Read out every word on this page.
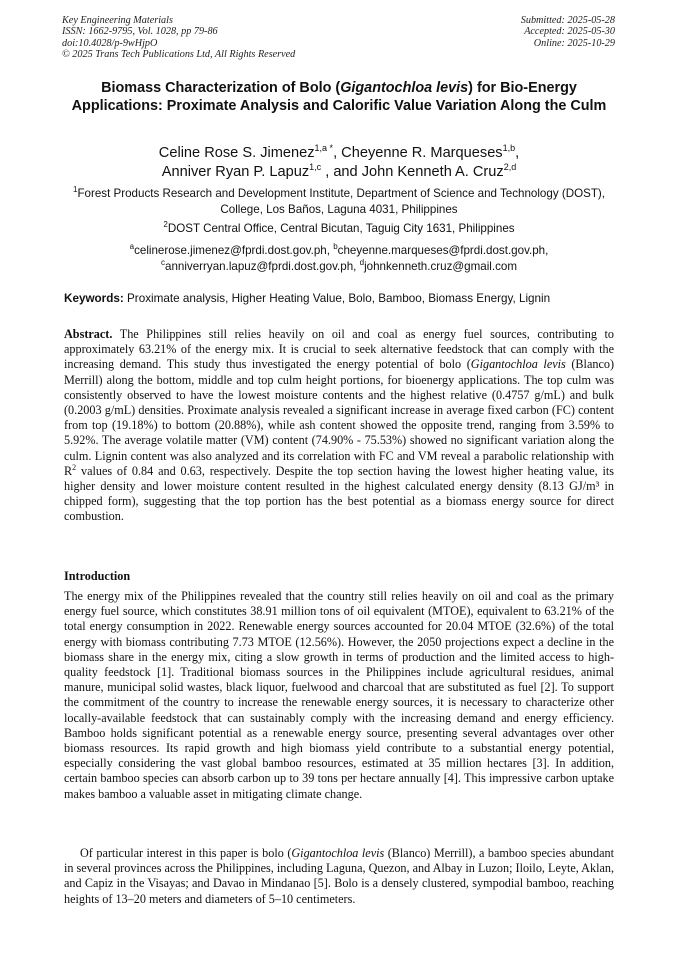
Key Engineering Materials
ISSN: 1662-9795, Vol. 1028, pp 79-86
doi:10.4028/p-9wHjpO
© 2025 Trans Tech Publications Ltd, All Rights Reserved
Submitted: 2025-05-28
Accepted: 2025-05-30
Online: 2025-10-29
Biomass Characterization of Bolo (Gigantochloa levis) for Bio-Energy Applications: Proximate Analysis and Calorific Value Variation Along the Culm
Celine Rose S. Jimenez$^{1,a *}$, Cheyenne R. Marqueses$^{1,b}$,
Anniver Ryan P. Lapuz$^{1,c}$ , and John Kenneth A. Cruz$^{2,d}$
$^1$Forest Products Research and Development Institute, Department of Science and Technology (DOST), College, Los Baños, Laguna 4031, Philippines
$^2$DOST Central Office, Central Bicutan, Taguig City 1631, Philippines
$^a$celinerose.jimenez@fprdi.dost.gov.ph, $^b$cheyenne.marqueses@fprdi.dost.gov.ph,
$^c$anniverryan.lapuz@fprdi.dost.gov.ph, $^d$johnkenneth.cruz@gmail.com
Keywords: Proximate analysis, Higher Heating Value, Bolo, Bamboo, Biomass Energy, Lignin
Abstract. The Philippines still relies heavily on oil and coal as energy fuel sources, contributing to approximately 63.21% of the energy mix. It is crucial to seek alternative feedstock that can comply with the increasing demand. This study thus investigated the energy potential of bolo (Gigantochloa levis (Blanco) Merrill) along the bottom, middle and top culm height portions, for bioenergy applications. The top culm was consistently observed to have the lowest moisture contents and the highest relative (0.4757 g/mL) and bulk (0.2003 g/mL) densities. Proximate analysis revealed a significant increase in average fixed carbon (FC) content from top (19.18%) to bottom (20.88%), while ash content showed the opposite trend, ranging from 3.59% to 5.92%. The average volatile matter (VM) content (74.90% - 75.53%) showed no significant variation along the culm. Lignin content was also analyzed and its correlation with FC and VM reveal a parabolic relationship with $R^2$ values of 0.84 and 0.63, respectively. Despite the top section having the lowest higher heating value, its higher density and lower moisture content resulted in the highest calculated energy density (8.13 GJ/m³ in chipped form), suggesting that the top portion has the best potential as a biomass energy source for direct combustion.
Introduction
The energy mix of the Philippines revealed that the country still relies heavily on oil and coal as the primary energy fuel source, which constitutes 38.91 million tons of oil equivalent (MTOE), equivalent to 63.21% of the total energy consumption in 2022. Renewable energy sources accounted for 20.04 MTOE (32.6%) of the total energy with biomass contributing 7.73 MTOE (12.56%). However, the 2050 projections expect a decline in the biomass share in the energy mix, citing a slow growth in terms of production and the limited access to high-quality feedstock [1]. Traditional biomass sources in the Philippines include agricultural residues, animal manure, municipal solid wastes, black liquor, fuelwood and charcoal that are substituted as fuel [2]. To support the commitment of the country to increase the renewable energy sources, it is necessary to characterize other locally-available feedstock that can sustainably comply with the increasing demand and energy efficiency. Bamboo holds significant potential as a renewable energy source, presenting several advantages over other biomass resources. Its rapid growth and high biomass yield contribute to a substantial energy potential, especially considering the vast global bamboo resources, estimated at 35 million hectares [3]. In addition, certain bamboo species can absorb carbon up to 39 tons per hectare annually [4]. This impressive carbon uptake makes bamboo a valuable asset in mitigating climate change.
Of particular interest in this paper is bolo (Gigantochloa levis (Blanco) Merrill), a bamboo species abundant in several provinces across the Philippines, including Laguna, Quezon, and Albay in Luzon; Iloilo, Leyte, Aklan, and Capiz in the Visayas; and Davao in Mindanao [5]. Bolo is a densely clustered, sympodial bamboo, reaching heights of 13–20 meters and diameters of 5–10 centimeters.
